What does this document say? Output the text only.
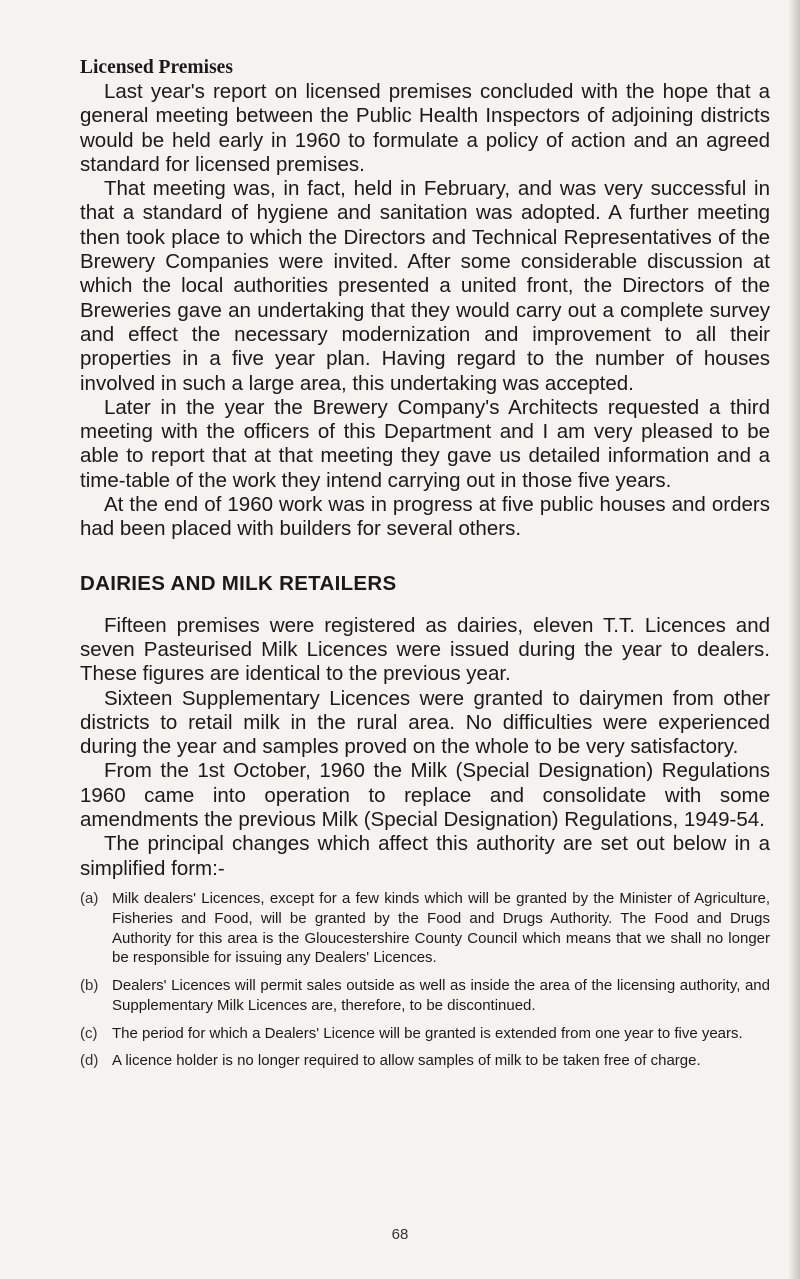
Licensed Premises

Last year's report on licensed premises concluded with the hope that a general meeting between the Public Health Inspectors of adjoining districts would be held early in 1960 to formulate a policy of action and an agreed standard for licensed premises.

That meeting was, in fact, held in February, and was very successful in that a standard of hygiene and sanitation was adopted. A further meeting then took place to which the Directors and Technical Representatives of the Brewery Companies were invited. After some considerable discussion at which the local authorities presented a united front, the Directors of the Breweries gave an undertaking that they would carry out a complete survey and effect the necessary modernization and improvement to all their properties in a five year plan. Having regard to the number of houses involved in such a large area, this undertaking was accepted.

Later in the year the Brewery Company's Architects requested a third meeting with the officers of this Department and I am very pleased to be able to report that at that meeting they gave us detailed information and a time-table of the work they intend carrying out in those five years.

At the end of 1960 work was in progress at five public houses and orders had been placed with builders for several others.

DAIRIES AND MILK RETAILERS

Fifteen premises were registered as dairies, eleven T.T. Licences and seven Pasteurised Milk Licences were issued during the year to dealers. These figures are identical to the previous year.

Sixteen Supplementary Licences were granted to dairymen from other districts to retail milk in the rural area. No difficulties were experienced during the year and samples proved on the whole to be very satisfactory.

From the 1st October, 1960 the Milk (Special Designation) Regulations 1960 came into operation to replace and consolidate with some amendments the previous Milk (Special Designation) Regulations, 1949-54.

The principal changes which affect this authority are set out below in a simplified form:-

(a) Milk dealers' Licences, except for a few kinds which will be granted by the Minister of Agriculture, Fisheries and Food, will be granted by the Food and Drugs Authority. The Food and Drugs Authority for this area is the Gloucestershire County Council which means that we shall no longer be responsible for issuing any Dealers' Licences.
(b) Dealers' Licences will permit sales outside as well as inside the area of the licensing authority, and Supplementary Milk Licences are, therefore, to be discontinued.
(c) The period for which a Dealers' Licence will be granted is extended from one year to five years.
(d) A licence holder is no longer required to allow samples of milk to be taken free of charge.
68
